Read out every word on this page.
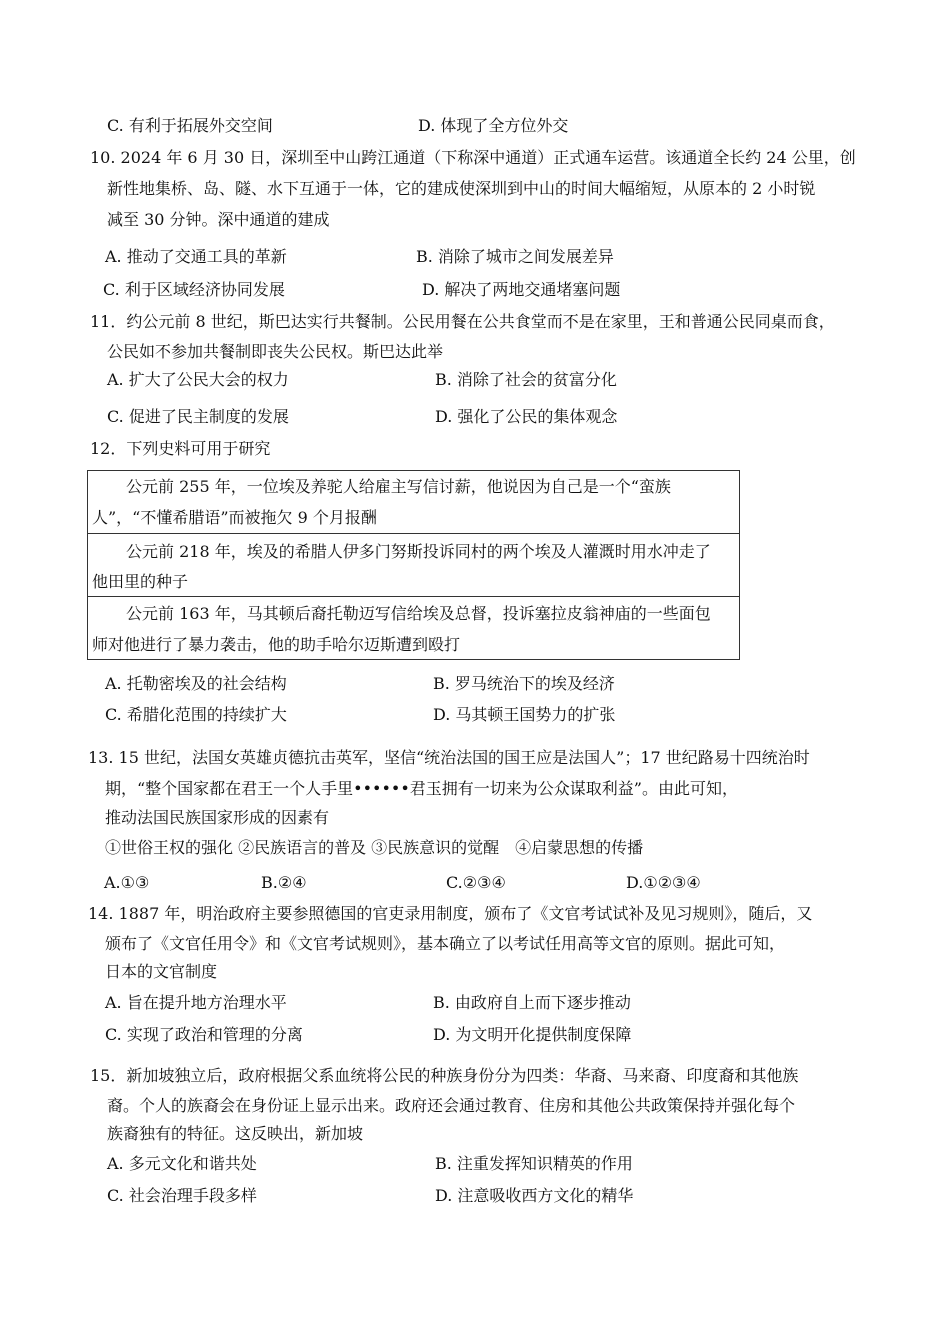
C. 有利于拓展外交空间	D. 体现了全方位外交
10. 2024 年 6 月 30 日，深圳至中山跨江通道（下称深中通道）正式通车运营。该通道全长约 24 公里，创
新性地集桥、岛、隧、水下互通于一体，它的建成使深圳到中山的时间大幅缩短，从原本的 2 小时锐
减至 30 分钟。深中通道的建成
A. 推动了交通工具的革新	B. 消除了城市之间发展差异
C. 利于区域经济协同发展	D. 解决了两地交通堵塞问题
11．约公元前 8 世纪，斯巴达实行共餐制。公民用餐在公共食堂而不是在家里，王和普通公民同桌而食，
公民如不参加共餐制即丧失公民权。斯巴达此举
A. 扩大了公民大会的权力	B. 消除了社会的贫富分化
C. 促进了民主制度的发展	D. 强化了公民的集体观念
12．下列史料可用于研究
公元前 255 年，一位埃及养驼人给雇主写信讨薪，他说因为自己是一个“蛮族
人”，“不懂希腊语”而被拖欠 9 个月报酬
公元前 218 年，埃及的希腊人伊多门努斯投诉同村的两个埃及人灌溉时用水冲走了
他田里的种子
公元前 163 年，马其顿后裔托勒迈写信给埃及总督，投诉塞拉皮翁神庙的一些面包
师对他进行了暴力袭击，他的助手哈尔迈斯遭到殴打
A. 托勒密埃及的社会结构	B. 罗马统治下的埃及经济
C. 希腊化范围的持续扩大	D. 马其顿王国势力的扩张
13. 15 世纪，法国女英雄贞德抗击英军，坚信“统治法国的国王应是法国人”；17 世纪路易十四统治时
期，“整个国家都在君王一个人手里••••••君玉拥有一切来为公众谋取利益”。由此可知，
推动法国民族国家形成的因素有
①世俗王权的强化 ②民族语言的普及 ③民族意识的觉醒　④启蒙思想的传播
A.①③	B.②④	C.②③④	D.①②③④
14. 1887 年，明治政府主要参照德国的官吏录用制度，颁布了《文官考试试补及见习规则》，随后，又
颁布了《文官任用令》和《文官考试规则》，基本确立了以考试任用高等文官的原则。据此可知，
日本的文官制度
A. 旨在提升地方治理水平	B. 由政府自上而下逐步推动
C. 实现了政治和管理的分离	D. 为文明开化提供制度保障
15．新加坡独立后，政府根据父系血统将公民的种族身份分为四类：华裔、马来裔、印度裔和其他族
裔。个人的族裔会在身份证上显示出来。政府还会通过教育、住房和其他公共政策保持并强化每个
族裔独有的特征。这反映出，新加坡
A. 多元文化和谐共处	B. 注重发挥知识精英的作用
C. 社会治理手段多样	D. 注意吸收西方文化的精华
